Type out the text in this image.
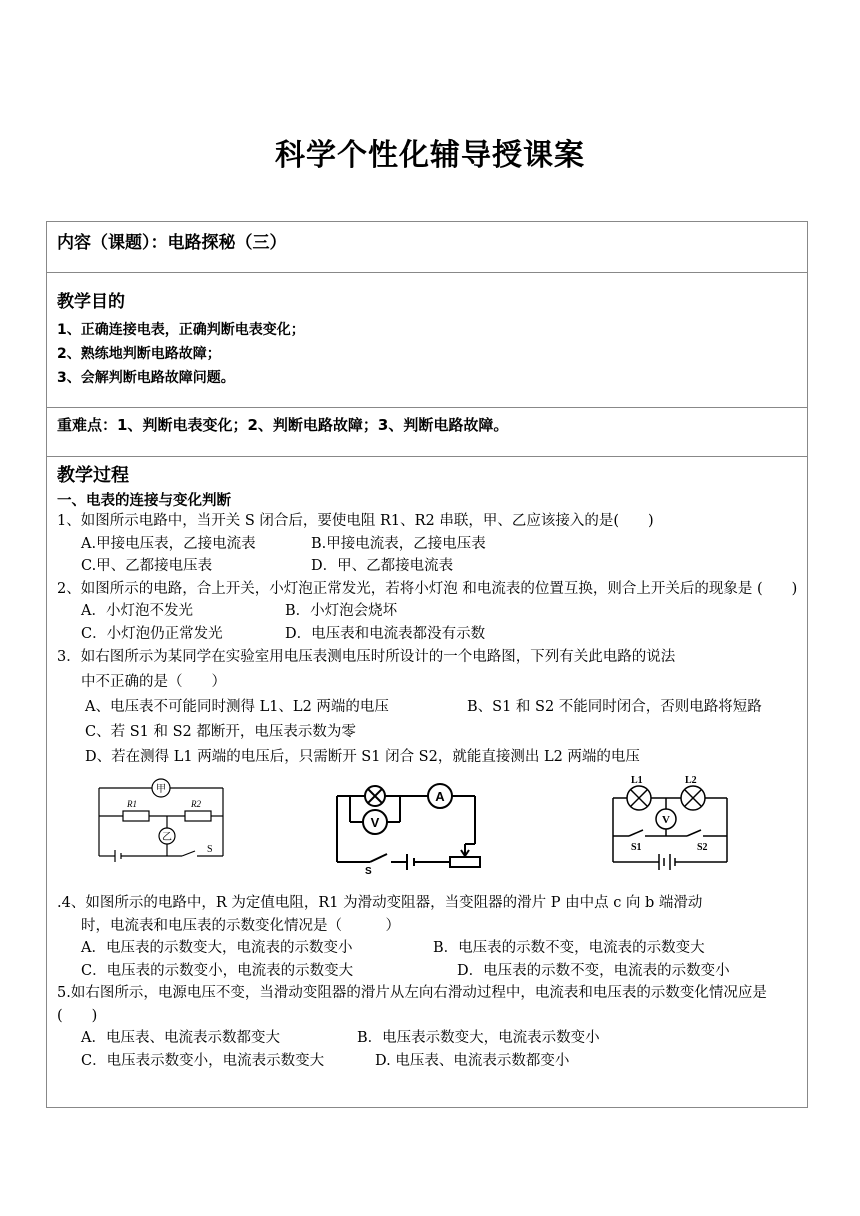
科学个性化辅导授课案
内容（课题）：电路探秘（三）

教学目的
1、正确连接电表，正确判断电表变化；
2、熟练地判断电路故障；
3、会解判断电路故障问题。

重难点：1、判断电表变化；2、判断电路故障；3、判断电路故障。

教学过程
一、电表的连接与变化判断

1、如图所示电路中，当开关 S 闭合后，要使电阻 R1、R2 串联，甲、乙应该接入的是(　　)

A.甲接电压表，乙接电流表	B.甲接电流表，乙接电压表

C.甲、乙都接电压表	D．甲、乙都接电流表

2、如图所示的电路，合上开关，小灯泡正常发光，若将小灯泡 和电流表的位置互换，则合上开关后的现象是 (　　)

A．小灯泡不发光	B．小灯泡会烧坏

C．小灯泡仍正常发光	D．电压表和电流表都没有示数

3．如右图所示为某同学在实验室用电压表测电压时所设计的一个电路图，下列有关此电路的说法

中不正确的是（　　）

A、电压表不可能同时测得 L1、L2 两端的电压	B、S1 和 S2 不能同时闭合，否则电路将短路

C、若 S1 和 S2 都断开，电压表示数为零

D、若在测得 L1 两端的电压后，只需断开 S1 闭合 S2，就能直接测出 L2 两端的电压

甲
乙
R1	R2
S
A
V
S
L1	L2
V
S1	S2

.4、如图所示的电路中，R 为定值电阻，R1 为滑动变阻器，当变阻器的滑片 P 由中点 c 向 b 端滑动

时，电流表和电压表的示数变化情况是（　　　）

A．电压表的示数变大，电流表的示数变小	B．电压表的示数不变，电流表的示数变大

C．电压表的示数变小，电流表的示数变大	D．电压表的示数不变，电流表的示数变小

5.如右图所示，电源电压不变，当滑动变阻器的滑片从左向右滑动过程中，电流表和电压表的示数变化情况应是 (　　)

A．电压表、电流表示数都变大	B．电压表示数变大，电流表示数变小

C．电压表示数变小，电流表示数变大	D. 电压表、电流表示数都变小
